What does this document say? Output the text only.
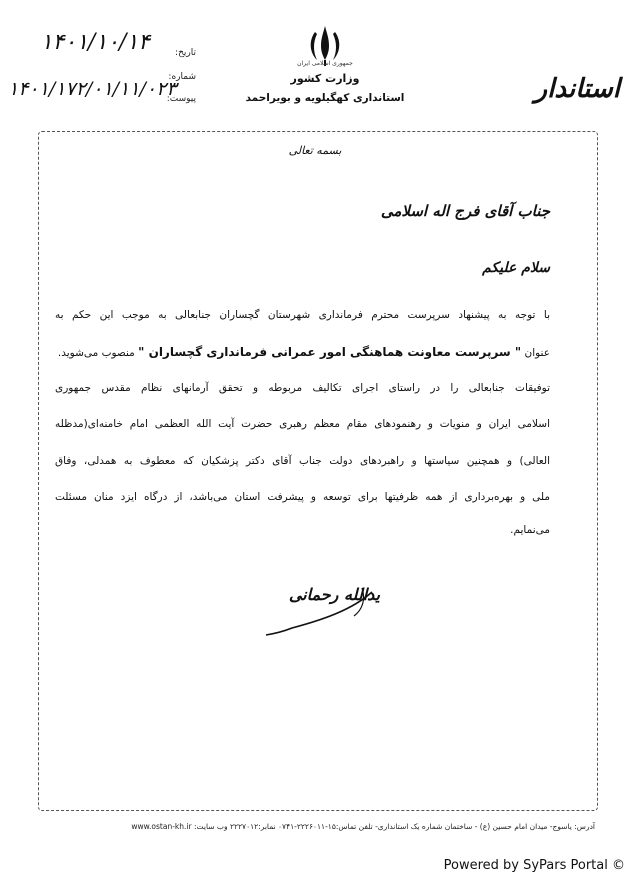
جمهوری اسلامی ایران
وزارت کشور
استانداری کهگیلویه و بویراحمد	استاندار
تاریخ:
شماره:
پیوست:
۱۴۰۱/۱۰/۱۴
۱۴۰۱/۱۷۲/۰۱/۱۱/۰۲۳
بسمه تعالی
جناب آقای فرج اله اسلامی
سلام علیکم
با توجه به پیشنهاد سرپرست محترم فرمانداری شهرستان گچساران جنابعالی به موجب این حکم به
عنوان " سرپرست معاونت هماهنگی امور عمرانی فرمانداری گچساران " منصوب می‌شوید.
توفیقات جنابعالی را در راستای اجرای تکالیف مربوطه و تحقق آرمانهای نظام مقدس جمهوری
اسلامی ایران و منویات و رهنمودهای مقام معظم رهبری حضرت آیت الله العظمی امام خامنه‌ای(مدظله
العالی) و همچنین سیاستها و راهبردهای دولت جناب آقای دکتر پزشکیان که معطوف به همدلی، وفاق
ملی و بهره‌برداری از همه ظرفیتها برای توسعه و پیشرفت استان می‌باشد، از درگاه ایزد منان مسئلت
می‌نمایم.
یدالله رحمانی
آدرس: یاسوج- میدان امام حسین (ع) - ساختمان شماره یک استانداری- تلفن تماس:۱۵-۲۲۲۶۰۱۱-۰۷۴۱ نمابر:۲۲۲۷۰۱۲ وب سایت: www.ostan-kh.ir
Powered by SyPars Portal ©
